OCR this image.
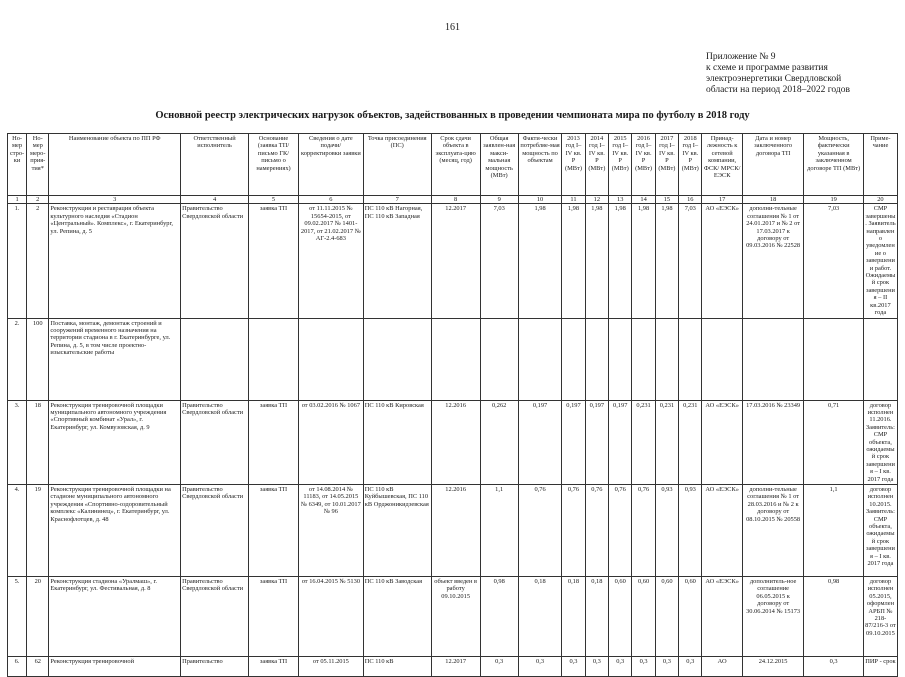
161
Приложение № 9
к схеме и программе развития
электроэнергетики Свердловской
области на период 2018–2022 годов
Основной реестр электрических нагрузок объектов, задействованных в проведении чемпионата мира по футболу в 2018 году
Но-мер стро-ки	Но-мер меро-прия-тия*	Наименование объекта по ПП РФ	Ответственный исполнитель	Основание (заявка ТП/письмо ГК/ письмо о намерениях)	Сведения о дате подачи/ корректировки заявки	Точка присоединения (ПС)	Срок сдачи объекта в эксплуата-цию (месяц, год)	Общая заявлен-ная макси-мальная мощность (МВт)	Факти-чески потребляе-мая мощность по объектам	2013 год I–IV кв. Р (МВт)	2014 год I–IV кв. Р (МВт)	2015 год I–IV кв. Р (МВт)	2016 год I–IV кв. Р (МВт)	2017 год I–IV кв. Р (МВт)	2018 год I–IV кв. Р (МВт)	Принад-лежность к сетевой компании, ФСК/ МРСК/ ЕЭСК	Дата и номер заключенного договора ТП	Мощность, фактически указанная в заключенном договоре ТП (МВт)	Приме-чание
1	2	3	4	5	6	7	8	9	10	11	12	13	14	15	16	17	18	19	20
1.	2	Реконструкция и реставрация объекта культурного наследия «Стадион «Центральный». Комплекс», г. Екатеринбург, ул. Репина, д. 5	Правительство Свердловской области	заявка ТП	от 11.11.2015 № 15654-2015, от 09.02.2017 № 1401-2017, от 21.02.2017 № АГ-2.4-683	ПС 110 кВ Нагорная, ПС 110 кВ Западная	12.2017	7,03	1,98	1,98	1,98	1,98	1,98	1,98	7,03	АО «ЕЭСК»	дополни-тельные соглашения № 1 от 24.01.2017 и № 2 от 17.03.2017 к договору от 09.03.2016 № 22528	7,03	СМР завершены. Заявитель направлено уведомление о завершении работ. Ожидаемый срок завершения – II кв.2017 года
2.	100	Поставка, монтаж, демонтаж строений и сооружений временного назначения на территории стадиона в г. Екатеринбурге, ул. Репина, д. 5, в том числе проектно-изыскательские работы																	
3.	18	Реконструкция тренировочной площадки муниципального автономного учреждения «Спортивный комбинат «Урал», г. Екатеринбург, ул. Комвузовская, д. 9	Правительство Свердловской области	заявка ТП	от 03.02.2016 № 1067	ПС 110 кВ Кировская	12.2016	0,262	0,197	0,197	0,197	0,197	0,231	0,231	0,231	АО «ЕЭСК»	17.03.2016 № 23349	0,71	договор исполнен 11.2016. Заявитель: СМР объекта, ожидаемый срок завершения – I кв. 2017 года
4.	19	Реконструкция тренировочной площадки на стадионе муниципального автономного учреждения «Спортивно-оздоровительный комплекс «Калининец», г. Екатеринбург, ул. Краснофлотцев, д. 48	Правительство Свердловской области	заявка ТП	от 14.08.2014 № 11183, от 14.05.2015 № 6349, от 10.01.2017 № 96	ПС 110 кВ Куйбышевская, ПС 110 кВ Орджоникидзевская	12.2016	1,1	0,76	0,76	0,76	0,76	0,76	0,93	0,93	АО «ЕЭСК»	дополни-тельные соглашения № 1 от 28.03.2016 и № 2 к договору от 08.10.2015 № 20558	1,1	договор исполнен 10.2015. Заявитель: СМР объекта, ожидаемый срок завершения – I кв. 2017 года
5.	20	Реконструкция стадиона «Уралмаш», г. Екатеринбург, ул. Фестивальная, д. 8	Правительство Свердловской области	заявка ТП	от 16.04.2015 № 5130	ПС 110 кВ Заводская	объект введен в работу 09.10.2015	0,98	0,18	0,18	0,18	0,60	0,60	0,60	0,60	АО «ЕЭСК»	дополнитель-ное соглашение 06.05.2015 к договору от 30.06.2014 № 15173	0,98	договор исполнен 05.2015, оформлен АРБП № 218-87/216-3 от 09.10.2015
6.	62	Реконструкция тренировочной	Правительство	заявка ТП	от 05.11.2015	ПС 110 кВ	12.2017	0,3	0,3	0,3	0,3	0,3	0,3	0,3	0,3	АО	24.12.2015	0,3	ПИР - срок
